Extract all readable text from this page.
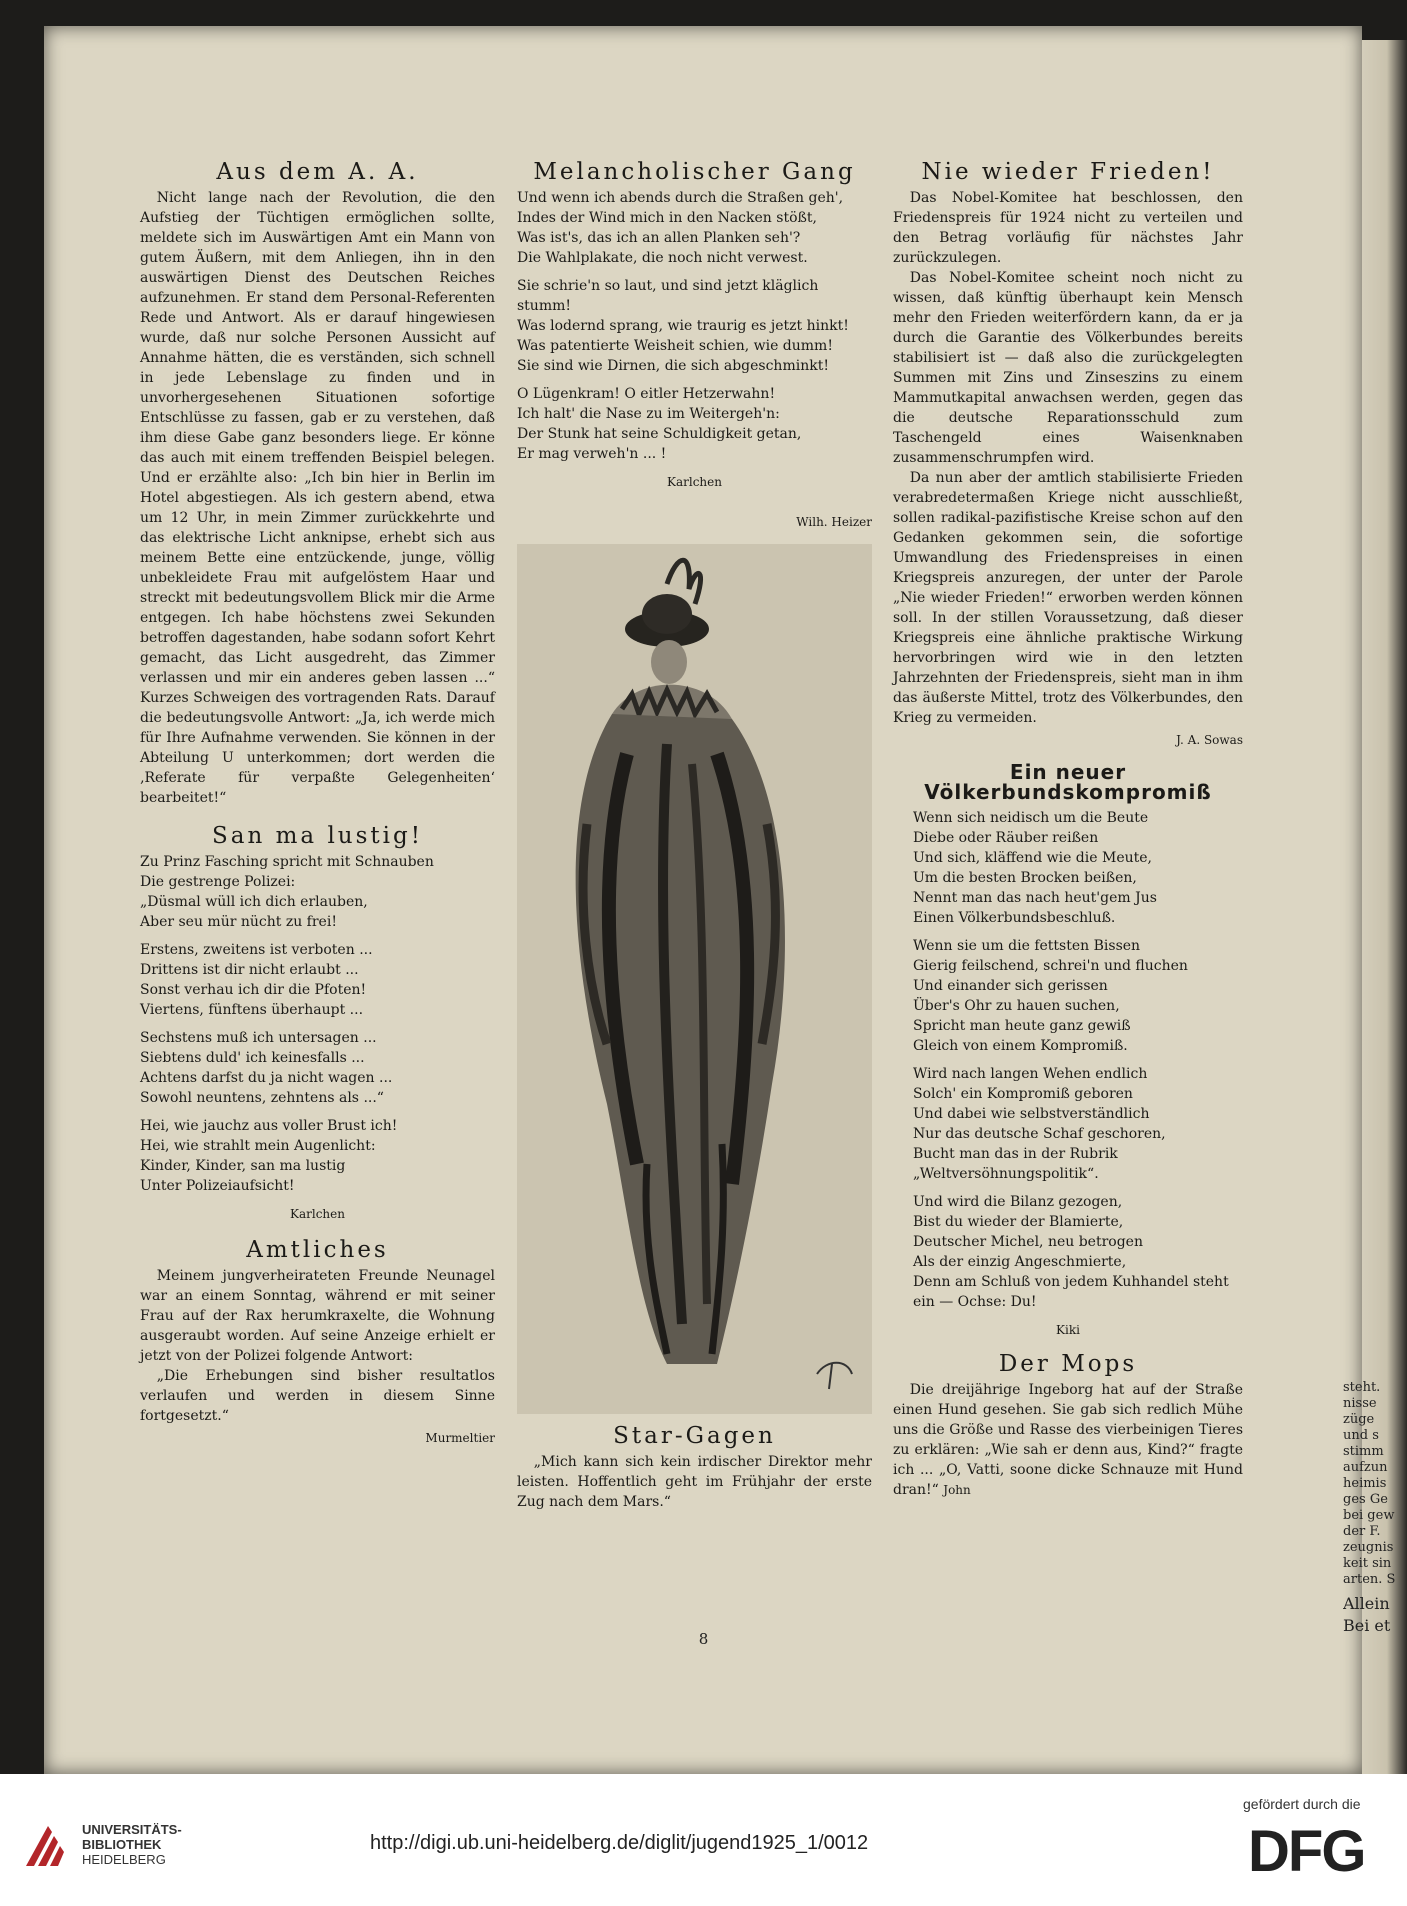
steht.
nisse
züge
und s
stimm
aufzun
heimis
ges Ge
bei gew
der F.
zeugnis
keit sin
arten. S
Allein
Bei et
Aus dem A. A.

Nicht lange nach der Revolution, die den Aufstieg der Tüchtigen ermöglichen sollte, meldete sich im Auswärtigen Amt ein Mann von gutem Äußern, mit dem Anliegen, ihn in den auswärtigen Dienst des Deutschen Reiches aufzunehmen. Er stand dem Personal-Referenten Rede und Antwort. Als er darauf hingewiesen wurde, daß nur solche Personen Aussicht auf Annahme hätten, die es verständen, sich schnell in jede Lebenslage zu finden und in unvorhergesehenen Situationen sofortige Entschlüsse zu fassen, gab er zu verstehen, daß ihm diese Gabe ganz besonders liege. Er könne das auch mit einem treffenden Beispiel belegen. Und er erzählte also: „Ich bin hier in Berlin im Hotel abgestiegen. Als ich gestern abend, etwa um 12 Uhr, in mein Zimmer zurückkehrte und das elektrische Licht anknipse, erhebt sich aus meinem Bette eine entzückende, junge, völlig unbekleidete Frau mit aufgelöstem Haar und streckt mit bedeutungsvollem Blick mir die Arme entgegen. Ich habe höchstens zwei Sekunden betroffen dagestanden, habe sodann sofort Kehrt gemacht, das Licht ausgedreht, das Zimmer verlassen und mir ein anderes geben lassen ...“ Kurzes Schweigen des vortragenden Rats. Darauf die bedeutungsvolle Antwort: „Ja, ich werde mich für Ihre Aufnahme verwenden. Sie können in der Abteilung U unterkommen; dort werden die ‚Referate für verpaßte Gelegenheiten‘ bearbeitet!“

San ma lustig!

Zu Prinz Fasching spricht mit Schnauben
Die gestrenge Polizei:
„Düsmal wüll ich dich erlauben,
Aber seu mür nücht zu frei!

Erstens, zweitens ist verboten ...
Drittens ist dir nicht erlaubt ...
Sonst verhau ich dir die Pfoten!
Viertens, fünftens überhaupt ...

Sechstens muß ich untersagen ...
Siebtens duld' ich keinesfalls ...
Achtens darfst du ja nicht wagen ...
Sowohl neuntens, zehntens als ...“

Hei, wie jauchz aus voller Brust ich!
Hei, wie strahlt mein Augenlicht:
Kinder, Kinder, san ma lustig
Unter Polizeiaufsicht!

Karlchen
Amtliches

Meinem jungverheirateten Freunde Neunagel war an einem Sonntag, während er mit seiner Frau auf der Rax herumkraxelte, die Wohnung ausgeraubt worden. Auf seine Anzeige erhielt er jetzt von der Polizei folgende Antwort:

„Die Erhebungen sind bisher resultatlos verlaufen und werden in diesem Sinne fortgesetzt.“

Murmeltier
Melancholischer Gang

Und wenn ich abends durch die Straßen geh',
Indes der Wind mich in den Nacken stößt,
Was ist's, das ich an allen Planken seh'?
Die Wahlplakate, die noch nicht verwest.

Sie schrie'n so laut, und sind jetzt kläglich stumm!
Was lodernd sprang, wie traurig es jetzt hinkt!
Was patentierte Weisheit schien, wie dumm!
Sie sind wie Dirnen, die sich abgeschminkt!

O Lügenkram! O eitler Hetzerwahn!
Ich halt' die Nase zu im Weitergeh'n:
Der Stunk hat seine Schuldigkeit getan,
Er mag verweh'n ... !

Karlchen
Wilh. Heizer
Star-Gagen

„Mich kann sich kein irdischer Direktor mehr leisten. Hoffentlich geht im Frühjahr der erste Zug nach dem Mars.“

Nie wieder Frieden!

Das Nobel-Komitee hat beschlossen, den Friedenspreis für 1924 nicht zu verteilen und den Betrag vorläufig für nächstes Jahr zurückzulegen.

Das Nobel-Komitee scheint noch nicht zu wissen, daß künftig überhaupt kein Mensch mehr den Frieden weiterfördern kann, da er ja durch die Garantie des Völkerbundes bereits stabilisiert ist — daß also die zurückgelegten Summen mit Zins und Zinseszins zu einem Mammutkapital anwachsen werden, gegen das die deutsche Reparationsschuld zum Taschengeld eines Waisenknaben zusammenschrumpfen wird.

Da nun aber der amtlich stabilisierte Frieden verabredetermaßen Kriege nicht ausschließt, sollen radikal-pazifistische Kreise schon auf den Gedanken gekommen sein, die sofortige Umwandlung des Friedenspreises in einen Kriegspreis anzuregen, der unter der Parole „Nie wieder Frieden!“ erworben werden können soll. In der stillen Voraussetzung, daß dieser Kriegspreis eine ähnliche praktische Wirkung hervorbringen wird wie in den letzten Jahrzehnten der Friedenspreis, sieht man in ihm das äußerste Mittel, trotz des Völkerbundes, den Krieg zu vermeiden.

J. A. Sowas
Ein neuer Völkerbundskompromiß

Wenn sich neidisch um die Beute
Diebe oder Räuber reißen
Und sich, kläffend wie die Meute,
Um die besten Brocken beißen,
Nennt man das nach heut'gem Jus
Einen Völkerbundsbeschluß.

Wenn sie um die fettsten Bissen
Gierig feilschend, schrei'n und fluchen
Und einander sich gerissen
Über's Ohr zu hauen suchen,
Spricht man heute ganz gewiß
Gleich von einem Kompromiß.

Wird nach langen Wehen endlich
Solch' ein Kompromiß geboren
Und dabei wie selbstverständlich
Nur das deutsche Schaf geschoren,
Bucht man das in der Rubrik
„Weltversöhnungspolitik“.

Und wird die Bilanz gezogen,
Bist du wieder der Blamierte,
Deutscher Michel, neu betrogen
Als der einzig Angeschmierte,
Denn am Schluß von jedem Kuhhandel steht ein — Ochse: Du!

Kiki
Der Mops

Die dreijährige Ingeborg hat auf der Straße einen Hund gesehen. Sie gab sich redlich Mühe uns die Größe und Rasse des vierbeinigen Tieres zu erklären: „Wie sah er denn aus, Kind?“ fragte ich ... „O, Vatti, soone dicke Schnauze mit Hund dran!“ John

8
UNIVERSITÄTS-
BIBLIOTHEK
HEIDELBERG
http://digi.ub.uni-heidelberg.de/diglit/jugend1925_1/0012
gefördert durch die
DFG
